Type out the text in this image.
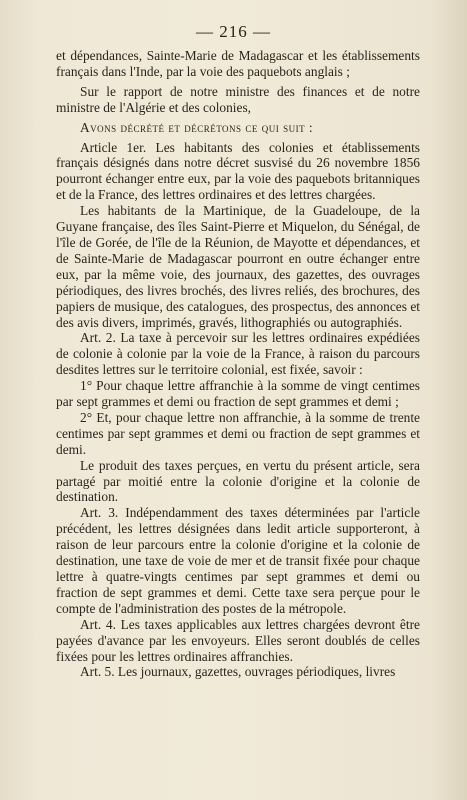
— 216 —

et dépendances, Sainte-Marie de Madagascar et les établissements français dans l'Inde, par la voie des paquebots anglais ;

Sur le rapport de notre ministre des finances et de notre ministre de l'Algérie et des colonies,

Avons décrété et décrétons ce qui suit :

Article 1er. Les habitants des colonies et établissements français désignés dans notre décret susvisé du 26 novembre 1856 pourront échanger entre eux, par la voie des paquebots britanniques et de la France, des lettres ordinaires et des lettres chargées.

Les habitants de la Martinique, de la Guadeloupe, de la Guyane française, des îles Saint-Pierre et Miquelon, du Sénégal, de l'île de Gorée, de l'île de la Réunion, de Mayotte et dépendances, et de Sainte-Marie de Madagascar pourront en outre échanger entre eux, par la même voie, des journaux, des gazettes, des ouvrages périodiques, des livres brochés, des livres reliés, des brochures, des papiers de musique, des catalogues, des prospectus, des annonces et des avis divers, imprimés, gravés, lithographiés ou autographiés.

Art. 2. La taxe à percevoir sur les lettres ordinaires expédiées de colonie à colonie par la voie de la France, à raison du parcours desdites lettres sur le territoire colonial, est fixée, savoir :

1° Pour chaque lettre affranchie à la somme de vingt centimes par sept grammes et demi ou fraction de sept grammes et demi ;

2° Et, pour chaque lettre non affranchie, à la somme de trente centimes par sept grammes et demi ou fraction de sept grammes et demi.

Le produit des taxes perçues, en vertu du présent article, sera partagé par moitié entre la colonie d'origine et la colonie de destination.

Art. 3. Indépendamment des taxes déterminées par l'article précédent, les lettres désignées dans ledit article supporteront, à raison de leur parcours entre la colonie d'origine et la colonie de destination, une taxe de voie de mer et de transit fixée pour chaque lettre à quatre-vingts centimes par sept grammes et demi ou fraction de sept grammes et demi. Cette taxe sera perçue pour le compte de l'administration des postes de la métropole.

Art. 4. Les taxes applicables aux lettres chargées devront être payées d'avance par les envoyeurs. Elles seront doublés de celles fixées pour les lettres ordinaires affranchies.

Art. 5. Les journaux, gazettes, ouvrages périodiques, livres
